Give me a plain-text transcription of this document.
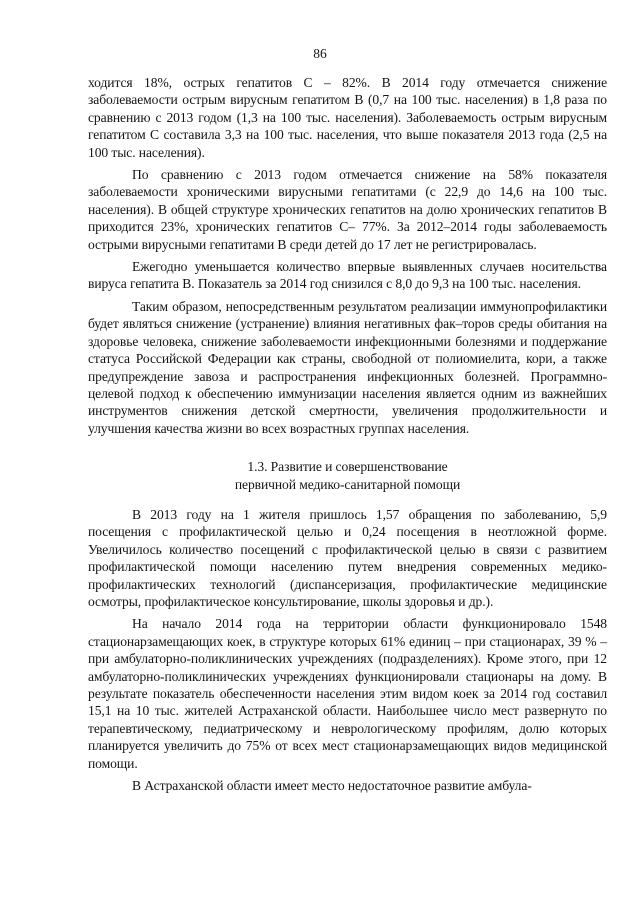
86

ходится 18%, острых гепатитов С – 82%. В 2014 году отмечается снижение заболеваемости острым вирусным гепатитом В (0,7 на 100 тыс. населения) в 1,8 раза по сравнению с 2013 годом (1,3 на 100 тыс. населения). Заболеваемость острым вирусным гепатитом С составила 3,3 на 100 тыс. населения, что выше показателя 2013 года (2,5 на 100 тыс. населения).

По сравнению с 2013 годом отмечается снижение на 58% показателя заболеваемости хроническими вирусными гепатитами (с 22,9 до 14,6 на 100 тыс. населения). В общей структуре хронических гепатитов на долю хронических гепатитов В приходится 23%, хронических гепатитов С– 77%. За 2012–2014 годы заболеваемость острыми вирусными гепатитами В среди детей до 17 лет не регистрировалась.

Ежегодно уменьшается количество впервые выявленных случаев носительства вируса гепатита В. Показатель за 2014 год снизился с 8,0 до 9,3 на 100 тыс. населения.

Таким образом, непосредственным результатом реализации иммунопрофилактики будет являться снижение (устранение) влияния негативных фак–торов среды обитания на здоровье человека, снижение заболеваемости инфекционными болезнями и поддержание статуса Российской Федерации как страны, свободной от полиомиелита, кори, а также предупреждение завоза и распространения инфекционных болезней. Программно-целевой подход к обеспечению иммунизации населения является одним из важнейших инструментов снижения детской смертности, увеличения продолжительности и улучшения качества жизни во всех возрастных группах населения.

1.3. Развитие и совершенствование
первичной медико-санитарной помощи

В 2013 году на 1 жителя пришлось 1,57 обращения по заболеванию, 5,9 посещения с профилактической целью и 0,24 посещения в неотложной форме. Увеличилось количество посещений с профилактической целью в связи с развитием профилактической помощи населению путем внедрения современных медико-профилактических технологий (диспансеризация, профилактические медицинские осмотры, профилактическое консультирование, школы здоровья и др.).

На начало 2014 года на территории области функционировало 1548 стационарзамещающих коек, в структуре которых 61% единиц – при стационарах, 39 % – при амбулаторно-поликлинических учреждениях (подразделениях). Кроме этого, при 12 амбулаторно-поликлинических учреждениях функционировали стационары на дому. В результате показатель обеспеченности населения этим видом коек за 2014 год составил 15,1 на 10 тыс. жителей Астраханской области. Наибольшее число мест развернуто по терапевтическому, педиатрическому и неврологическому профилям, долю которых планируется увеличить до 75% от всех мест стационарзамещающих видов медицинской помощи.

В Астраханской области имеет место недостаточное развитие амбула-
